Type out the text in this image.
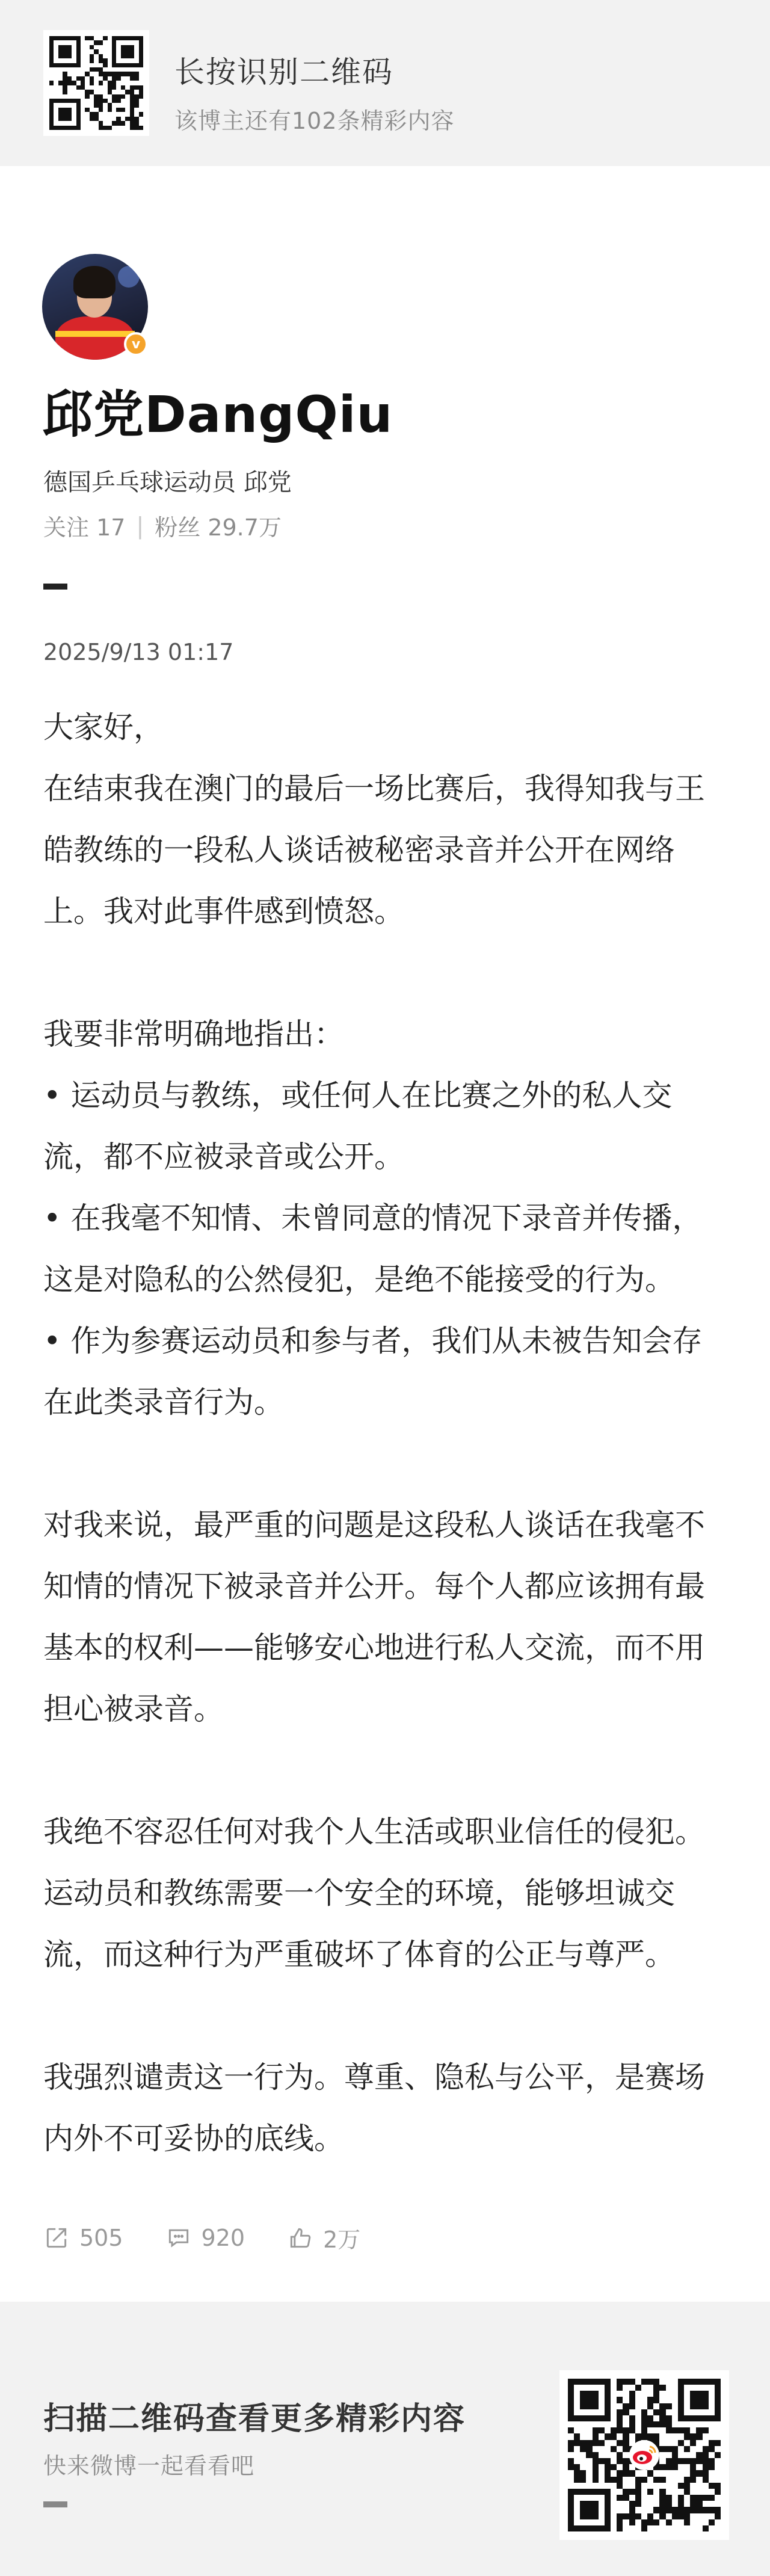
长按识别二维码
该博主还有102条精彩内容
v
邱党DangQiu
德国乒乓球运动员 邱党
关注 17 | 粉丝 29.7万
2025/9/13 01:17

大家好，
在结束我在澳门的最后一场比赛后，我得知我与王皓教练的一段私人谈话被秘密录音并公开在网络上。我对此事件感到愤怒。

我要非常明确地指出：
• 运动员与教练，或任何人在比赛之外的私人交流，都不应被录音或公开。
• 在我毫不知情、未曾同意的情况下录音并传播，这是对隐私的公然侵犯，是绝不能接受的行为。
• 作为参赛运动员和参与者，我们从未被告知会存在此类录音行为。

对我来说，最严重的问题是这段私人谈话在我毫不知情的情况下被录音并公开。每个人都应该拥有最基本的权利——能够安心地进行私人交流，而不用担心被录音。

我绝不容忍任何对我个人生活或职业信任的侵犯。运动员和教练需要一个安全的环境，能够坦诚交流，而这种行为严重破坏了体育的公正与尊严。

我强烈谴责这一行为。尊重、隐私与公平，是赛场内外不可妥协的底线。

505	920	2万
扫描二维码查看更多精彩内容
快来微博一起看看吧
